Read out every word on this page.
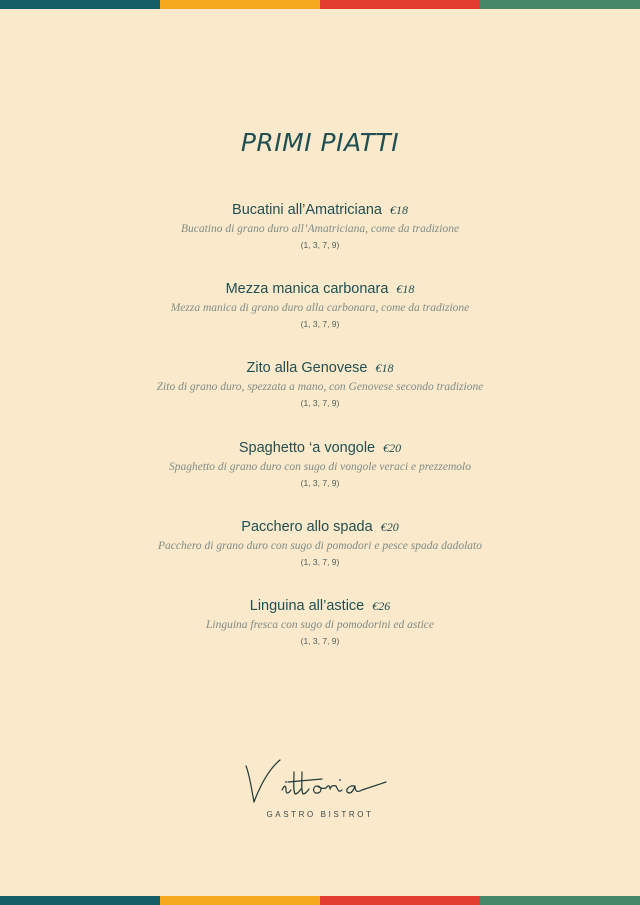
PRIMI PIATTI
Bucatini all’Amatriciana €18
Bucatino di grano duro all’Amatriciana, come da tradizione
(1, 3, 7, 9)
Mezza manica carbonara €18
Mezza manica di grano duro alla carbonara, come da tradizione
(1, 3, 7, 9)
Zito alla Genovese €18
Zito di grano duro, spezzata a mano, con Genovese secondo tradizione
(1, 3, 7, 9)
Spaghetto ‘a vongole €20
Spaghetto di grano duro con sugo di vongole veraci e prezzemolo
(1, 3, 7, 9)
Pacchero allo spada €20
Pacchero di grano duro con sugo di pomodori e pesce spada dadolato
(1, 3, 7, 9)
Linguina all’astice €26
Linguina fresca con sugo di pomodorini ed astice
(1, 3, 7, 9)
GASTRO BISTROT
